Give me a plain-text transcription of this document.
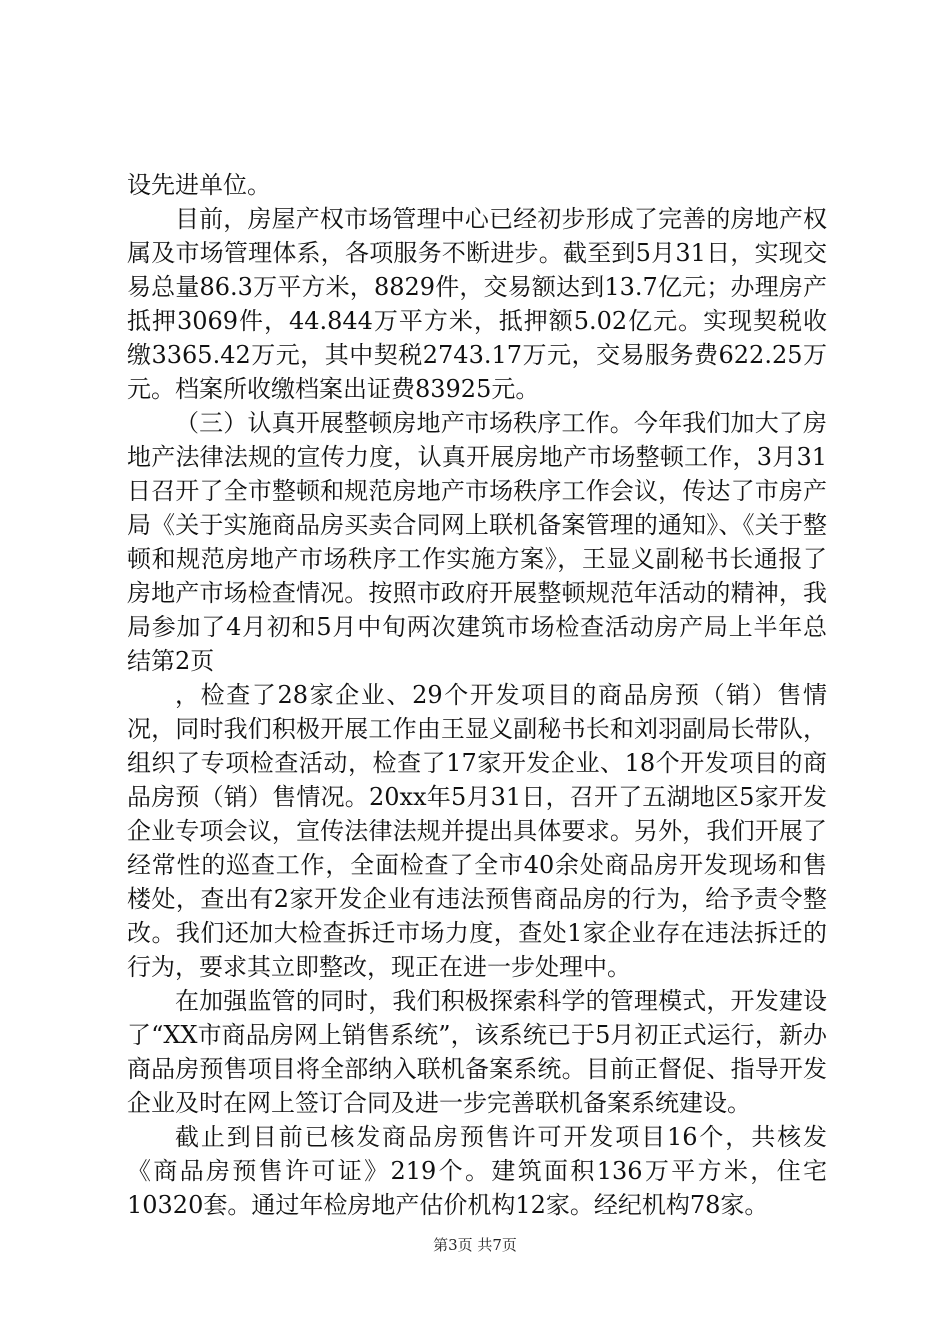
设先进单位。

目前，房屋产权市场管理中心已经初步形成了完善的房地产权属及市场管理体系，各项服务不断进步。截至到5月31日，实现交易总量86.3万平方米，8829件，交易额达到13.7亿元；办理房产抵押3069件，44.844万平方米，抵押额5.02亿元。实现契税收缴3365.42万元，其中契税2743.17万元，交易服务费622.25万元。档案所收缴档案出证费83925元。

（三）认真开展整顿房地产市场秩序工作。今年我们加大了房地产法律法规的宣传力度，认真开展房地产市场整顿工作，3月31日召开了全市整顿和规范房地产市场秩序工作会议，传达了市房产局《关于实施商品房买卖合同网上联机备案管理的通知》、《关于整顿和规范房地产市场秩序工作实施方案》，王显义副秘书长通报了房地产市场检查情况。按照市政府开展整顿规范年活动的精神，我局参加了4月初和5月中旬两次建筑市场检查活动房产局上半年总结第2页

，检查了28家企业、29个开发项目的商品房预（销）售情况，同时我们积极开展工作由王显义副秘书长和刘羽副局长带队，组织了专项检查活动，检查了17家开发企业、18个开发项目的商品房预（销）售情况。20xx年5月31日，召开了五湖地区5家开发企业专项会议，宣传法律法规并提出具体要求。另外，我们开展了经常性的巡查工作，全面检查了全市40余处商品房开发现场和售楼处，查出有2家开发企业有违法预售商品房的行为，给予责令整改。我们还加大检查拆迁市场力度，查处1家企业存在违法拆迁的行为，要求其立即整改，现正在进一步处理中。

在加强监管的同时，我们积极探索科学的管理模式，开发建设了“XX市商品房网上销售系统”，该系统已于5月初正式运行，新办商品房预售项目将全部纳入联机备案系统。目前正督促、指导开发企业及时在网上签订合同及进一步完善联机备案系统建设。

截止到目前已核发商品房预售许可开发项目16个，共核发《商品房预售许可证》219个。建筑面积136万平方米，住宅10320套。通过年检房地产估价机构12家。经纪机构78家。

第3页 共7页
